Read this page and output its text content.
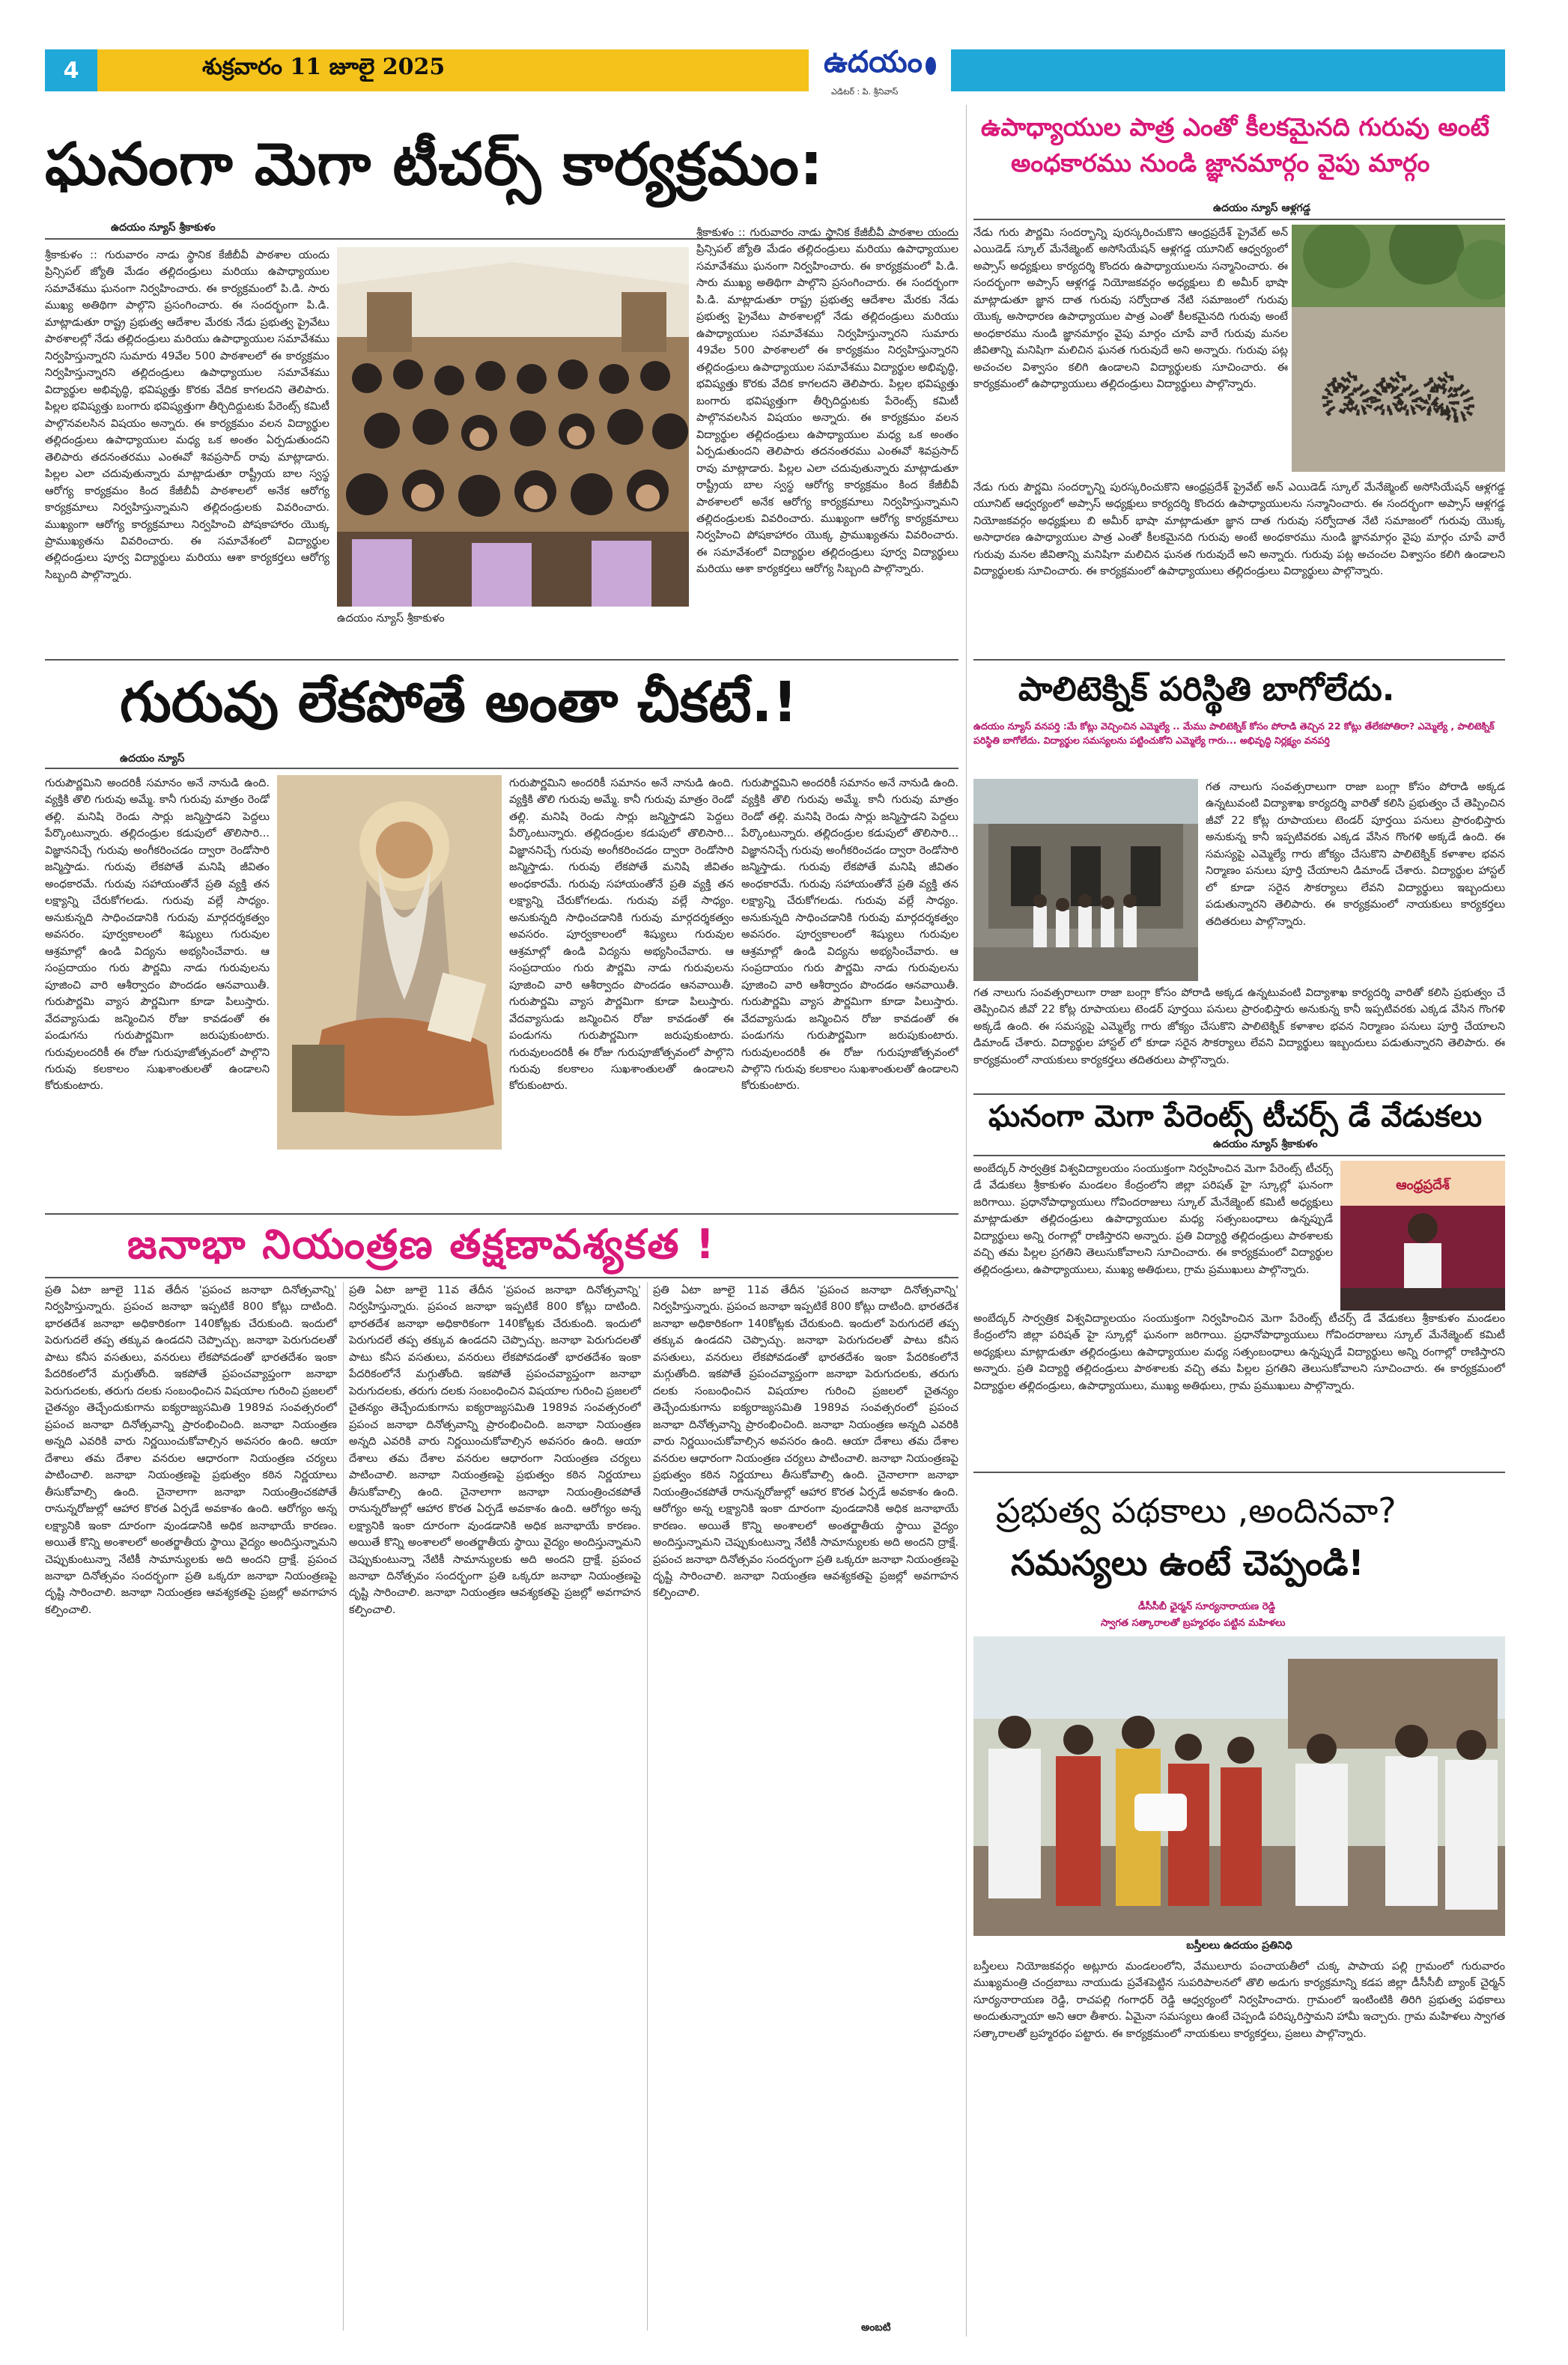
4	శుక్రవారం 11 జూలై 2025	ఉదయం
ఎడిటర్ : పి. శ్రీనివాస్
ఘనంగా మెగా టీచర్స్ కార్యక్రమం:
ఉదయం న్యూస్ శ్రీకాకుళం
శ్రీకాకుళం :: గురువారం నాడు స్థానిక కేజీబీవీ పాఠశాల యందు ప్రిన్సిపల్ జ్యోతి మేడం తల్లిదండ్రులు మరియు ఉపాధ్యాయుల సమావేశము ఘనంగా నిర్వహించారు. ఈ కార్యక్రమంలో పి.డి. సారు ముఖ్య అతిథిగా పాల్గొని ప్రసంగించారు. ఈ సందర్భంగా పి.డి. మాట్లాడుతూ రాష్ట్ర ప్రభుత్వ ఆదేశాల మేరకు నేడు ప్రభుత్వ ప్రైవేటు పాఠశాలల్లో నేడు తల్లిదండ్రులు మరియు ఉపాధ్యాయుల సమావేశము నిర్వహిస్తున్నారని సుమారు 49వేల 500 పాఠశాలలో ఈ కార్యక్రమం నిర్వహిస్తున్నారని తల్లిదండ్రులు ఉపాధ్యాయుల సమావేశము విద్యార్థుల అభివృద్ధి, భవిష్యత్తు కొరకు వేదిక కాగలదని తెలిపారు. పిల్లల భవిష్యత్తు బంగారు భవిష్యత్తుగా తీర్చిదిద్దుటకు పేరెంట్స్ కమిటీ పాల్గొనవలసిన విషయం అన్నారు. ఈ కార్యక్రమం వలన విద్యార్థుల తల్లిదండ్రులు ఉపాధ్యాయుల మధ్య ఒక అంతం ఏర్పడుతుందని తెలిపారు తదనంతరము ఎంఈవో శివప్రసాద్ రావు మాట్లాడారు. పిల్లల ఎలా చదువుతున్నారు మాట్లాడుతూ రాష్ట్రీయ బాల స్వస్థ ఆరోగ్య కార్యక్రమం కింద కేజీబీవీ పాఠశాలలో అనేక ఆరోగ్య కార్యక్రమాలు నిర్వహిస్తున్నామని తల్లిదండ్రులకు వివరించారు. ముఖ్యంగా ఆరోగ్య కార్యక్రమాలు నిర్వహించి పోషకాహారం యొక్క ప్రాముఖ్యతను వివరించారు. ఈ సమావేశంలో విద్యార్థుల తల్లిదండ్రులు పూర్వ విద్యార్థులు మరియు ఆశా కార్యకర్తలు ఆరోగ్య సిబ్బంది పాల్గొన్నారు.
ఉదయం న్యూస్ శ్రీకాకుళం
శ్రీకాకుళం :: గురువారం నాడు స్థానిక కేజీబీవీ పాఠశాల యందు ప్రిన్సిపల్ జ్యోతి మేడం తల్లిదండ్రులు మరియు ఉపాధ్యాయుల సమావేశము ఘనంగా నిర్వహించారు. ఈ కార్యక్రమంలో పి.డి. సారు ముఖ్య అతిథిగా పాల్గొని ప్రసంగించారు. ఈ సందర్భంగా పి.డి. మాట్లాడుతూ రాష్ట్ర ప్రభుత్వ ఆదేశాల మేరకు నేడు ప్రభుత్వ ప్రైవేటు పాఠశాలల్లో నేడు తల్లిదండ్రులు మరియు ఉపాధ్యాయుల సమావేశము నిర్వహిస్తున్నారని సుమారు 49వేల 500 పాఠశాలలో ఈ కార్యక్రమం నిర్వహిస్తున్నారని తల్లిదండ్రులు ఉపాధ్యాయుల సమావేశము విద్యార్థుల అభివృద్ధి, భవిష్యత్తు కొరకు వేదిక కాగలదని తెలిపారు. పిల్లల భవిష్యత్తు బంగారు భవిష్యత్తుగా తీర్చిదిద్దుటకు పేరెంట్స్ కమిటీ పాల్గొనవలసిన విషయం అన్నారు. ఈ కార్యక్రమం వలన విద్యార్థుల తల్లిదండ్రులు ఉపాధ్యాయుల మధ్య ఒక అంతం ఏర్పడుతుందని తెలిపారు తదనంతరము ఎంఈవో శివప్రసాద్ రావు మాట్లాడారు. పిల్లల ఎలా చదువుతున్నారు మాట్లాడుతూ రాష్ట్రీయ బాల స్వస్థ ఆరోగ్య కార్యక్రమం కింద కేజీబీవీ పాఠశాలలో అనేక ఆరోగ్య కార్యక్రమాలు నిర్వహిస్తున్నామని తల్లిదండ్రులకు వివరించారు. ముఖ్యంగా ఆరోగ్య కార్యక్రమాలు నిర్వహించి పోషకాహారం యొక్క ప్రాముఖ్యతను వివరించారు. ఈ సమావేశంలో విద్యార్థుల తల్లిదండ్రులు పూర్వ విద్యార్థులు మరియు ఆశా కార్యకర్తలు ఆరోగ్య సిబ్బంది పాల్గొన్నారు.
ఉపాధ్యాయుల పాత్ర ఎంతో కీలకమైనది గురువు అంటే
అంధకారము నుండి జ్ఞానమార్గం వైపు మార్గం
ఉదయం న్యూస్ ఆళ్లగడ్డ
నేడు గురు పౌర్ణమి సందర్భాన్ని పురస్కరించుకొని ఆంధ్రప్రదేశ్ ప్రైవేట్ అన్ ఎయిడెడ్ స్కూల్ మేనేజ్మెంట్ అసోసియేషన్ ఆళ్లగడ్డ యూనిట్ ఆధ్వర్యంలో అప్సాస్ అధ్యక్షులు కార్యదర్శి కొందరు ఉపాధ్యాయులను సన్మానించారు. ఈ సందర్భంగా అప్సాస్ ఆళ్లగడ్డ నియోజకవర్గం అధ్యక్షులు బి అమీర్ భాషా మాట్లాడుతూ జ్ఞాన దాత గురువు సర్వోదాత నేటి సమాజంలో గురువు యొక్క అసాధారణ ఉపాధ్యాయుల పాత్ర ఎంతో కీలకమైనది గురువు అంటే అంధకారము నుండి జ్ఞానమార్గం వైపు మార్గం చూపే వారే గురువు మనల జీవితాన్ని మనిషిగా మలిచిన ఘనత గురువుదే అని అన్నారు. గురువు పట్ల అచంచల విశ్వాసం కలిగి ఉండాలని విద్యార్థులకు సూచించారు. ఈ కార్యక్రమంలో ఉపాధ్యాయులు తల్లిదండ్రులు విద్యార్థులు పాల్గొన్నారు.	గురువు
నేడు గురు పౌర్ణమి సందర్భాన్ని పురస్కరించుకొని ఆంధ్రప్రదేశ్ ప్రైవేట్ అన్ ఎయిడెడ్ స్కూల్ మేనేజ్మెంట్ అసోసియేషన్ ఆళ్లగడ్డ యూనిట్ ఆధ్వర్యంలో అప్సాస్ అధ్యక్షులు కార్యదర్శి కొందరు ఉపాధ్యాయులను సన్మానించారు. ఈ సందర్భంగా అప్సాస్ ఆళ్లగడ్డ నియోజకవర్గం అధ్యక్షులు బి అమీర్ భాషా మాట్లాడుతూ జ్ఞాన దాత గురువు సర్వోదాత నేటి సమాజంలో గురువు యొక్క అసాధారణ ఉపాధ్యాయుల పాత్ర ఎంతో కీలకమైనది గురువు అంటే అంధకారము నుండి జ్ఞానమార్గం వైపు మార్గం చూపే వారే గురువు మనల జీవితాన్ని మనిషిగా మలిచిన ఘనత గురువుదే అని అన్నారు. గురువు పట్ల అచంచల విశ్వాసం కలిగి ఉండాలని విద్యార్థులకు సూచించారు. ఈ కార్యక్రమంలో ఉపాధ్యాయులు తల్లిదండ్రులు విద్యార్థులు పాల్గొన్నారు.
గురువు లేకపోతే అంతా చీకటే.!
ఉదయం న్యూస్
గురుపౌర్ణమిని అందరికీ సమానం అనే నానుడి ఉంది. వ్యక్తికి తొలి గురువు అమ్మే. కానీ గురువు మాత్రం రెండో తల్లి. మనిషి రెండు సార్లు జన్మిస్తాడని పెద్దలు పేర్కొంటున్నారు. తల్లిదండ్రుల కడుపులో తొలిసారి... విజ్ఞాననిచ్చే గురువు అంగీకరించడం ద్వారా రెండోసారి జన్మిస్తాడు. గురువు లేకపోతే మనిషి జీవితం అంధకారమే. గురువు సహాయంతోనే ప్రతి వ్యక్తి తన లక్ష్యాన్ని చేరుకోగలడు. గురువు వల్లే సాధ్యం. అనుకున్నది సాధించడానికి గురువు మార్గదర్శకత్వం అవసరం. పూర్వకాలంలో శిష్యులు గురువుల ఆశ్రమాల్లో ఉండి విద్యను అభ్యసించేవారు. ఆ సంప్రదాయం గురు పౌర్ణమి నాడు గురువులను పూజించి వారి ఆశీర్వాదం పొందడం ఆనవాయితీ. గురుపౌర్ణమి వ్యాస పౌర్ణమిగా కూడా పిలుస్తారు. వేదవ్యాసుడు జన్మించిన రోజు కావడంతో ఈ పండుగను గురుపౌర్ణమిగా జరుపుకుంటారు. గురువులందరికీ ఈ రోజు గురుపూజోత్సవంలో పాల్గొని గురువు కలకాలం సుఖశాంతులతో ఉండాలని కోరుకుంటారు.
గురుపౌర్ణమిని అందరికీ సమానం అనే నానుడి ఉంది. వ్యక్తికి తొలి గురువు అమ్మే. కానీ గురువు మాత్రం రెండో తల్లి. మనిషి రెండు సార్లు జన్మిస్తాడని పెద్దలు పేర్కొంటున్నారు. తల్లిదండ్రుల కడుపులో తొలిసారి... విజ్ఞాననిచ్చే గురువు అంగీకరించడం ద్వారా రెండోసారి జన్మిస్తాడు. గురువు లేకపోతే మనిషి జీవితం అంధకారమే. గురువు సహాయంతోనే ప్రతి వ్యక్తి తన లక్ష్యాన్ని చేరుకోగలడు. గురువు వల్లే సాధ్యం. అనుకున్నది సాధించడానికి గురువు మార్గదర్శకత్వం అవసరం. పూర్వకాలంలో శిష్యులు గురువుల ఆశ్రమాల్లో ఉండి విద్యను అభ్యసించేవారు. ఆ సంప్రదాయం గురు పౌర్ణమి నాడు గురువులను పూజించి వారి ఆశీర్వాదం పొందడం ఆనవాయితీ. గురుపౌర్ణమి వ్యాస పౌర్ణమిగా కూడా పిలుస్తారు. వేదవ్యాసుడు జన్మించిన రోజు కావడంతో ఈ పండుగను గురుపౌర్ణమిగా జరుపుకుంటారు. గురువులందరికీ ఈ రోజు గురుపూజోత్సవంలో పాల్గొని గురువు కలకాలం సుఖశాంతులతో ఉండాలని కోరుకుంటారు.
గురుపౌర్ణమిని అందరికీ సమానం అనే నానుడి ఉంది. వ్యక్తికి తొలి గురువు అమ్మే. కానీ గురువు మాత్రం రెండో తల్లి. మనిషి రెండు సార్లు జన్మిస్తాడని పెద్దలు పేర్కొంటున్నారు. తల్లిదండ్రుల కడుపులో తొలిసారి... విజ్ఞాననిచ్చే గురువు అంగీకరించడం ద్వారా రెండోసారి జన్మిస్తాడు. గురువు లేకపోతే మనిషి జీవితం అంధకారమే. గురువు సహాయంతోనే ప్రతి వ్యక్తి తన లక్ష్యాన్ని చేరుకోగలడు. గురువు వల్లే సాధ్యం. అనుకున్నది సాధించడానికి గురువు మార్గదర్శకత్వం అవసరం. పూర్వకాలంలో శిష్యులు గురువుల ఆశ్రమాల్లో ఉండి విద్యను అభ్యసించేవారు. ఆ సంప్రదాయం గురు పౌర్ణమి నాడు గురువులను పూజించి వారి ఆశీర్వాదం పొందడం ఆనవాయితీ. గురుపౌర్ణమి వ్యాస పౌర్ణమిగా కూడా పిలుస్తారు. వేదవ్యాసుడు జన్మించిన రోజు కావడంతో ఈ పండుగను గురుపౌర్ణమిగా జరుపుకుంటారు. గురువులందరికీ ఈ రోజు గురుపూజోత్సవంలో పాల్గొని గురువు కలకాలం సుఖశాంతులతో ఉండాలని కోరుకుంటారు.
పాలిటెక్నిక్ పరిస్థితి బాగోలేదు.
ఉదయం న్యూస్ వనపర్తి :మే కోట్లు వెచ్చించిన ఎమ్మెల్యే .. మేము పాలిటెక్నిక్ కోసం పోరాడి తెచ్చిన 22 కోట్లు తేలేకపోతిరా? ఎమ్మెల్యే , పాలిటెక్నిక్ పరిస్థితి బాగోలేదు. విద్యార్థుల సమస్యలను పట్టించుకోని ఎమ్మెల్యే గారు... అభివృద్ధి నిర్లక్ష్యం వనపర్తి
గత నాలుగు సంవత్సరాలుగా రాజా బంగ్లా కోసం పోరాడి అక్కడ ఉన్నటువంటి విద్యాశాఖ కార్యదర్శి వారితో కలిసి ప్రభుత్వం చే తెప్పించిన జీవో 22 కోట్ల రూపాయలు టెండర్ పూర్తయి పనులు ప్రారంభిస్తారు అనుకున్న కానీ ఇప్పటివరకు ఎక్కడ వేసిన గొంగళి అక్కడే ఉంది. ఈ సమస్యపై ఎమ్మెల్యే గారు జోక్యం చేసుకొని పాలిటెక్నిక్ కళాశాల భవన నిర్మాణం పనులు పూర్తి చేయాలని డిమాండ్ చేశారు. విద్యార్థుల హాస్టల్ లో కూడా సరైన సౌకర్యాలు లేవని విద్యార్థులు ఇబ్బందులు పడుతున్నారని తెలిపారు. ఈ కార్యక్రమంలో నాయకులు కార్యకర్తలు తదితరులు పాల్గొన్నారు.
గత నాలుగు సంవత్సరాలుగా రాజా బంగ్లా కోసం పోరాడి అక్కడ ఉన్నటువంటి విద్యాశాఖ కార్యదర్శి వారితో కలిసి ప్రభుత్వం చే తెప్పించిన జీవో 22 కోట్ల రూపాయలు టెండర్ పూర్తయి పనులు ప్రారంభిస్తారు అనుకున్న కానీ ఇప్పటివరకు ఎక్కడ వేసిన గొంగళి అక్కడే ఉంది. ఈ సమస్యపై ఎమ్మెల్యే గారు జోక్యం చేసుకొని పాలిటెక్నిక్ కళాశాల భవన నిర్మాణం పనులు పూర్తి చేయాలని డిమాండ్ చేశారు. విద్యార్థుల హాస్టల్ లో కూడా సరైన సౌకర్యాలు లేవని విద్యార్థులు ఇబ్బందులు పడుతున్నారని తెలిపారు. ఈ కార్యక్రమంలో నాయకులు కార్యకర్తలు తదితరులు పాల్గొన్నారు.
ఘనంగా మెగా పేరెంట్స్ టీచర్స్ డే వేడుకలు
ఉదయం న్యూస్ శ్రీకాకుళం
అంబేద్కర్ సార్వత్రిక విశ్వవిద్యాలయం సంయుక్తంగా నిర్వహించిన మెగా పేరెంట్స్ టీచర్స్ డే వేడుకలు శ్రీకాకుళం మండలం కేంద్రంలోని జిల్లా పరిషత్ హై స్కూల్లో ఘనంగా జరిగాయి. ప్రధానోపాధ్యాయులు గోవిందరాజులు స్కూల్ మేనేజ్మెంట్ కమిటీ అధ్యక్షులు మాట్లాడుతూ తల్లిదండ్రులు ఉపాధ్యాయుల మధ్య సత్సంబంధాలు ఉన్నప్పుడే విద్యార్థులు అన్ని రంగాల్లో రాణిస్తారని అన్నారు. ప్రతి విద్యార్థి తల్లిదండ్రులు పాఠశాలకు వచ్చి తమ పిల్లల ప్రగతిని తెలుసుకోవాలని సూచించారు. ఈ కార్యక్రమంలో విద్యార్థుల తల్లిదండ్రులు, ఉపాధ్యాయులు, ముఖ్య అతిథులు, గ్రామ ప్రముఖులు పాల్గొన్నారు.
ఆంధ్రప్రదేశ్
అంబేద్కర్ సార్వత్రిక విశ్వవిద్యాలయం సంయుక్తంగా నిర్వహించిన మెగా పేరెంట్స్ టీచర్స్ డే వేడుకలు శ్రీకాకుళం మండలం కేంద్రంలోని జిల్లా పరిషత్ హై స్కూల్లో ఘనంగా జరిగాయి. ప్రధానోపాధ్యాయులు గోవిందరాజులు స్కూల్ మేనేజ్మెంట్ కమిటీ అధ్యక్షులు మాట్లాడుతూ తల్లిదండ్రులు ఉపాధ్యాయుల మధ్య సత్సంబంధాలు ఉన్నప్పుడే విద్యార్థులు అన్ని రంగాల్లో రాణిస్తారని అన్నారు. ప్రతి విద్యార్థి తల్లిదండ్రులు పాఠశాలకు వచ్చి తమ పిల్లల ప్రగతిని తెలుసుకోవాలని సూచించారు. ఈ కార్యక్రమంలో విద్యార్థుల తల్లిదండ్రులు, ఉపాధ్యాయులు, ముఖ్య అతిథులు, గ్రామ ప్రముఖులు పాల్గొన్నారు.
జనాభా నియంత్రణ తక్షణావశ్యకత !
ప్రతి ఏటా జూలై 11వ తేదీన 'ప్రపంచ జనాభా దినోత్సవాన్ని' నిర్వహిస్తున్నారు. ప్రపంచ జనాభా ఇప్పటికే 800 కోట్లు దాటింది. భారతదేశ జనాభా అధికారికంగా 140కోట్లకు చేరుకుంది. ఇందులో పెరుగుదలే తప్ప తక్కువ ఉండదని చెప్పొచ్చు. జనాభా పెరుగుదలతో పాటు కనీస వసతులు, వనరులు లేకపోవడంతో భారతదేశం ఇంకా పేదరికంలోనే మగ్గుతోంది. ఇకపోతే ప్రపంచవ్యాప్తంగా జనాభా పెరుగుదలకు, తరుగు దలకు సంబంధించిన విషయాల గురించి ప్రజలలో చైతన్యం తెచ్చేందుకుగాను ఐక్యరాజ్యసమితి 1989వ సంవత్సరంలో ప్రపంచ జనాభా దినోత్సవాన్ని ప్రారంభించింది. జనాభా నియంత్రణ అన్నది ఎవరికి వారు నిర్ణయించుకోవాల్సిన అవసరం ఉంది. ఆయా దేశాలు తమ దేశాల వనరుల ఆధారంగా నియంత్రణ చర్యలు పాటించాలి. జనాభా నియంత్రణపై ప్రభుత్వం కఠిన నిర్ణయాలు తీసుకోవాల్సి ఉంది. చైనాలాగా జనాభా నియంత్రించకపోతే రానున్నరోజుల్లో ఆహార కొరత ఏర్పడే అవకాశం ఉంది. ఆరోగ్యం అన్న లక్ష్యానికి ఇంకా దూరంగా వుండడానికి అధిక జనాభాయే కారణం. అయితే కొన్ని అంశాలలో అంతర్జాతీయ స్థాయి వైద్యం అందిస్తున్నామని చెప్పుకుంటున్నా నేటికీ సామాన్యులకు అది అందని ద్రాక్షే. ప్రపంచ జనాభా దినోత్సవం సందర్భంగా ప్రతి ఒక్కరూ జనాభా నియంత్రణపై దృష్టి సారించాలి. జనాభా నియంత్రణ ఆవశ్యకతపై ప్రజల్లో అవగాహన కల్పించాలి.
ప్రతి ఏటా జూలై 11వ తేదీన 'ప్రపంచ జనాభా దినోత్సవాన్ని' నిర్వహిస్తున్నారు. ప్రపంచ జనాభా ఇప్పటికే 800 కోట్లు దాటింది. భారతదేశ జనాభా అధికారికంగా 140కోట్లకు చేరుకుంది. ఇందులో పెరుగుదలే తప్ప తక్కువ ఉండదని చెప్పొచ్చు. జనాభా పెరుగుదలతో పాటు కనీస వసతులు, వనరులు లేకపోవడంతో భారతదేశం ఇంకా పేదరికంలోనే మగ్గుతోంది. ఇకపోతే ప్రపంచవ్యాప్తంగా జనాభా పెరుగుదలకు, తరుగు దలకు సంబంధించిన విషయాల గురించి ప్రజలలో చైతన్యం తెచ్చేందుకుగాను ఐక్యరాజ్యసమితి 1989వ సంవత్సరంలో ప్రపంచ జనాభా దినోత్సవాన్ని ప్రారంభించింది. జనాభా నియంత్రణ అన్నది ఎవరికి వారు నిర్ణయించుకోవాల్సిన అవసరం ఉంది. ఆయా దేశాలు తమ దేశాల వనరుల ఆధారంగా నియంత్రణ చర్యలు పాటించాలి. జనాభా నియంత్రణపై ప్రభుత్వం కఠిన నిర్ణయాలు తీసుకోవాల్సి ఉంది. చైనాలాగా జనాభా నియంత్రించకపోతే రానున్నరోజుల్లో ఆహార కొరత ఏర్పడే అవకాశం ఉంది. ఆరోగ్యం అన్న లక్ష్యానికి ఇంకా దూరంగా వుండడానికి అధిక జనాభాయే కారణం. అయితే కొన్ని అంశాలలో అంతర్జాతీయ స్థాయి వైద్యం అందిస్తున్నామని చెప్పుకుంటున్నా నేటికీ సామాన్యులకు అది అందని ద్రాక్షే. ప్రపంచ జనాభా దినోత్సవం సందర్భంగా ప్రతి ఒక్కరూ జనాభా నియంత్రణపై దృష్టి సారించాలి. జనాభా నియంత్రణ ఆవశ్యకతపై ప్రజల్లో అవగాహన కల్పించాలి.
ప్రతి ఏటా జూలై 11వ తేదీన 'ప్రపంచ జనాభా దినోత్సవాన్ని' నిర్వహిస్తున్నారు. ప్రపంచ జనాభా ఇప్పటికే 800 కోట్లు దాటింది. భారతదేశ జనాభా అధికారికంగా 140కోట్లకు చేరుకుంది. ఇందులో పెరుగుదలే తప్ప తక్కువ ఉండదని చెప్పొచ్చు. జనాభా పెరుగుదలతో పాటు కనీస వసతులు, వనరులు లేకపోవడంతో భారతదేశం ఇంకా పేదరికంలోనే మగ్గుతోంది. ఇకపోతే ప్రపంచవ్యాప్తంగా జనాభా పెరుగుదలకు, తరుగు దలకు సంబంధించిన విషయాల గురించి ప్రజలలో చైతన్యం తెచ్చేందుకుగాను ఐక్యరాజ్యసమితి 1989వ సంవత్సరంలో ప్రపంచ జనాభా దినోత్సవాన్ని ప్రారంభించింది. జనాభా నియంత్రణ అన్నది ఎవరికి వారు నిర్ణయించుకోవాల్సిన అవసరం ఉంది. ఆయా దేశాలు తమ దేశాల వనరుల ఆధారంగా నియంత్రణ చర్యలు పాటించాలి. జనాభా నియంత్రణపై ప్రభుత్వం కఠిన నిర్ణయాలు తీసుకోవాల్సి ఉంది. చైనాలాగా జనాభా నియంత్రించకపోతే రానున్నరోజుల్లో ఆహార కొరత ఏర్పడే అవకాశం ఉంది. ఆరోగ్యం అన్న లక్ష్యానికి ఇంకా దూరంగా వుండడానికి అధిక జనాభాయే కారణం. అయితే కొన్ని అంశాలలో అంతర్జాతీయ స్థాయి వైద్యం అందిస్తున్నామని చెప్పుకుంటున్నా నేటికీ సామాన్యులకు అది అందని ద్రాక్షే. ప్రపంచ జనాభా దినోత్సవం సందర్భంగా ప్రతి ఒక్కరూ జనాభా నియంత్రణపై దృష్టి సారించాలి. జనాభా నియంత్రణ ఆవశ్యకతపై ప్రజల్లో అవగాహన కల్పించాలి.
అంబటి
ప్రభుత్వ పథకాలు ,అందినవా?
సమస్యలు ఉంటే చెప్పండి!
డీసీసీబీ ఛైర్మన్ సూర్యనారాయణ రెడ్డి
స్వాగత సత్కారాలతో బ్రహ్మరథం పట్టిన మహిళలు
బస్తీలలు ఉదయం ప్రతినిధి
బస్తీలలు నియోజకవర్గం అట్లూరు మండలంలోని, వేములూరు పంచాయతీలో చుక్క పాపాయ పల్లి గ్రామంలో గురువారం ముఖ్యమంత్రి చంద్రబాబు నాయుడు ప్రవేశపెట్టిన సుపరిపాలనలో తొలి అడుగు కార్యక్రమాన్ని కడప జిల్లా డీసీసీబీ బ్యాంక్ చైర్మన్ సూర్యనారాయణ రెడ్డి, రాచపల్లి గంగాధర్ రెడ్డి ఆధ్వర్యంలో నిర్వహించారు. గ్రామంలో ఇంటింటికి తిరిగి ప్రభుత్వ పథకాలు అందుతున్నాయా అని ఆరా తీశారు. ఏమైనా సమస్యలు ఉంటే చెప్పండి పరిష్కరిస్తామని హామీ ఇచ్చారు. గ్రామ మహిళలు స్వాగత సత్కారాలతో బ్రహ్మరథం పట్టారు. ఈ కార్యక్రమంలో నాయకులు కార్యకర్తలు, ప్రజలు పాల్గొన్నారు.
